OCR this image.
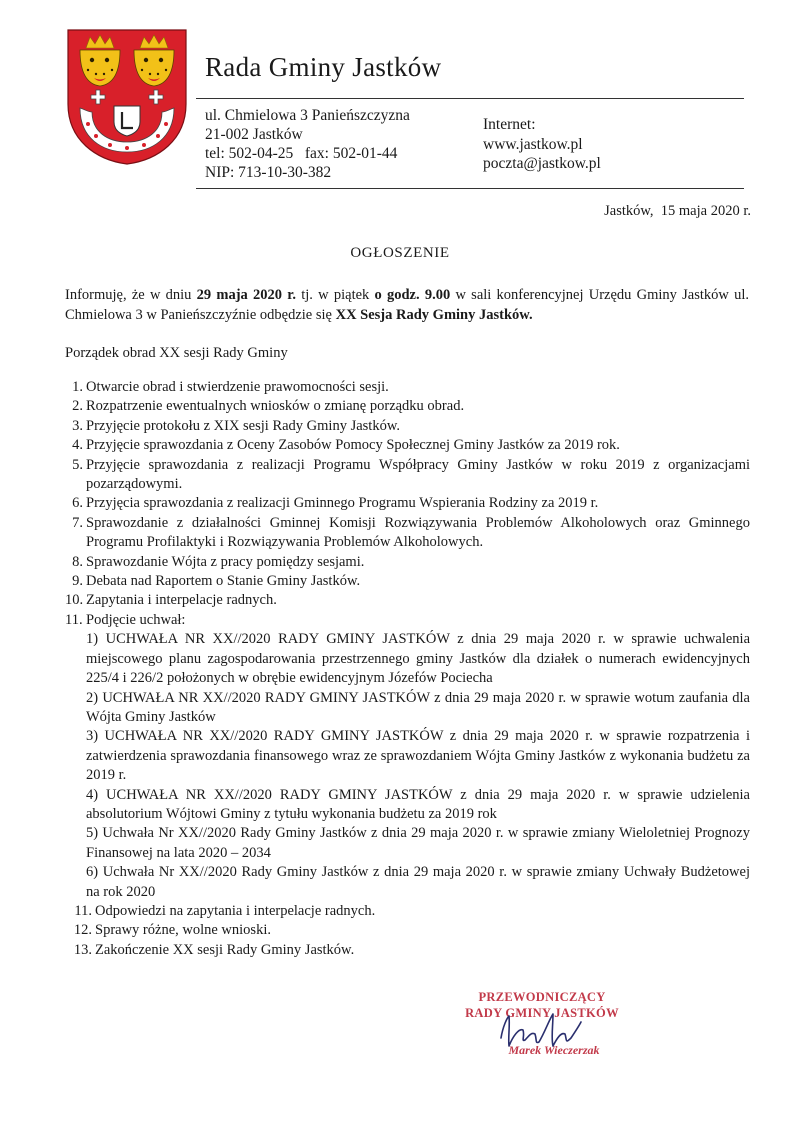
Rada Gminy Jastków
ul. Chmielowa 3 Panieńszczyzna
21-002 Jastków
tel: 502-04-25   fax: 502-01-44
NIP: 713-10-30-382
Internet:
www.jastkow.pl
poczta@jastkow.pl
Jastków,  15 maja 2020 r.
OGŁOSZENIE
Informuję, że w dniu 29 maja 2020 r. tj. w piątek o godz. 9.00 w sali konferencyjnej Urzędu Gminy Jastków ul. Chmielowa 3 w Panieńszczyźnie odbędzie się XX Sesja Rady Gminy Jastków.
Porządek obrad XX sesji Rady Gminy
1. Otwarcie obrad i stwierdzenie prawomocności sesji.
2. Rozpatrzenie ewentualnych wniosków o zmianę porządku obrad.
3. Przyjęcie protokołu z XIX sesji Rady Gminy Jastków.
4. Przyjęcie sprawozdania z Oceny Zasobów Pomocy Społecznej Gminy Jastków za 2019 rok.
5. Przyjęcie sprawozdania z realizacji Programu Współpracy Gminy Jastków w roku 2019 z organizacjami pozarządowymi.
6. Przyjęcia sprawozdania z realizacji Gminnego Programu Wspierania Rodziny za 2019 r.
7. Sprawozdanie z działalności Gminnej Komisji Rozwiązywania Problemów Alkoholowych oraz Gminnego Programu Profilaktyki i Rozwiązywania Problemów Alkoholowych.
8. Sprawozdanie Wójta z pracy pomiędzy sesjami.
9. Debata nad Raportem o Stanie Gminy Jastków.
10. Zapytania i interpelacje radnych.
11. Podjęcie uchwał:
1) UCHWAŁA NR XX//2020 RADY GMINY JASTKÓW z dnia 29 maja 2020 r. w sprawie uchwalenia miejscowego planu zagospodarowania przestrzennego gminy Jastków dla działek o numerach ewidencyjnych 225/4 i 226/2 położonych w obrębie ewidencyjnym Józefów Pociecha
2) UCHWAŁA NR XX//2020 RADY GMINY JASTKÓW z dnia 29 maja 2020 r. w sprawie wotum zaufania dla Wójta Gminy Jastków
3) UCHWAŁA NR XX//2020 RADY GMINY JASTKÓW z dnia 29 maja 2020 r. w sprawie rozpatrzenia i zatwierdzenia sprawozdania finansowego wraz ze sprawozdaniem Wójta Gminy Jastków z wykonania budżetu za 2019 r.
4) UCHWAŁA NR XX//2020 RADY GMINY JASTKÓW z dnia 29 maja 2020 r. w sprawie udzielenia absolutorium Wójtowi Gminy z tytułu wykonania budżetu za 2019 rok
5) Uchwała Nr XX//2020 Rady Gminy Jastków z dnia 29 maja 2020 r. w sprawie zmiany Wieloletniej Prognozy Finansowej na lata 2020 – 2034
6) Uchwała Nr XX//2020 Rady Gminy Jastków z dnia 29 maja 2020 r. w sprawie zmiany Uchwały Budżetowej na rok 2020
11. Odpowiedzi na zapytania i interpelacje radnych.
12. Sprawy różne, wolne wnioski.
13. Zakończenie XX sesji Rady Gminy Jastków.
PRZEWODNICZĄCY
RADY GMINY JASTKÓW
Marek Wieczerzak
